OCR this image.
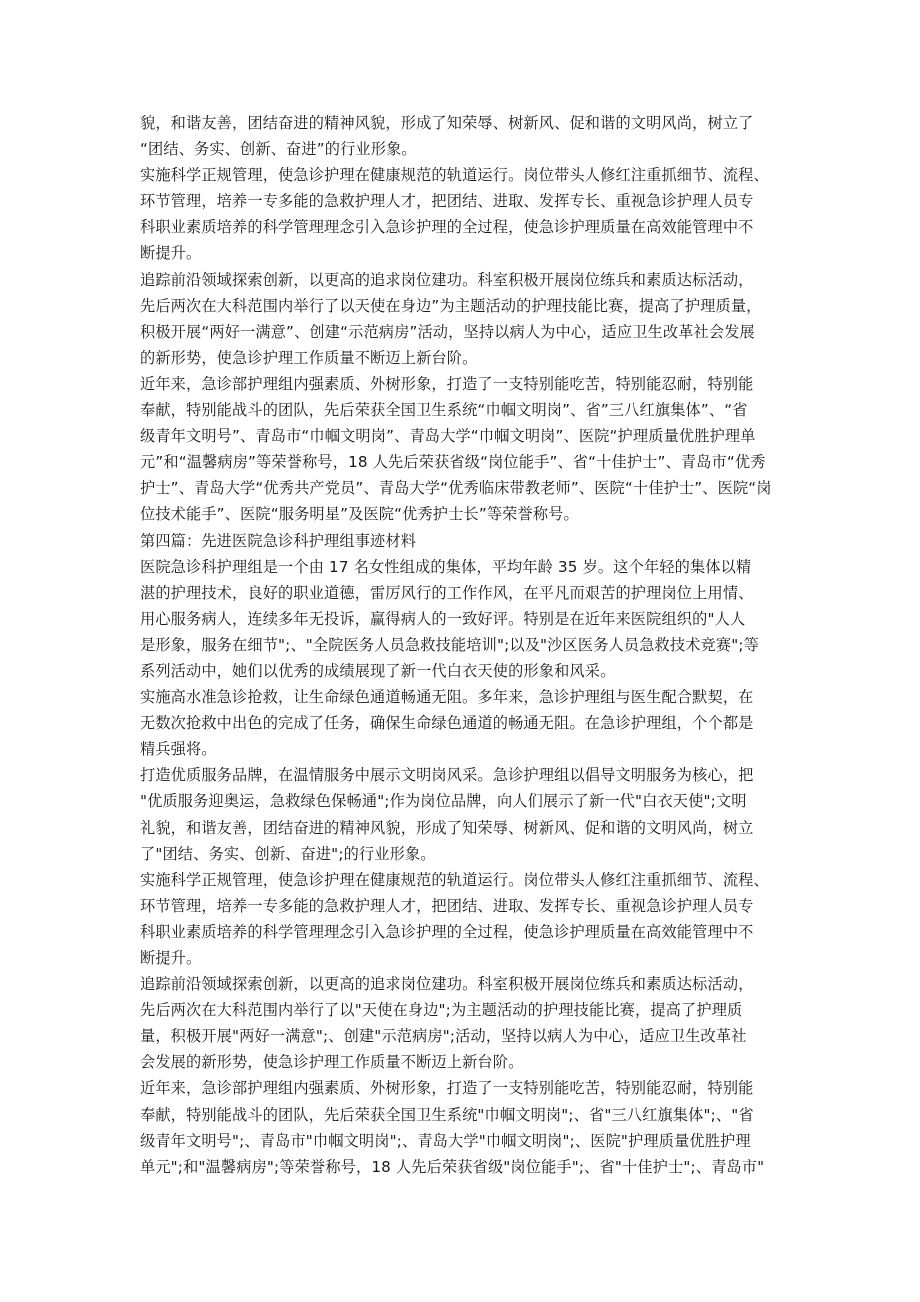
貌，和谐友善，团结奋进的精神风貌，形成了知荣辱、树新风、促和谐的文明风尚，树立了
“团结、务实、创新、奋进”的行业形象。
实施科学正规管理，使急诊护理在健康规范的轨道运行。岗位带头人修红注重抓细节、流程、
环节管理，培养一专多能的急救护理人才，把团结、进取、发挥专长、重视急诊护理人员专
科职业素质培养的科学管理理念引入急诊护理的全过程，使急诊护理质量在高效能管理中不
断提升。
追踪前沿领域探索创新，以更高的追求岗位建功。科室积极开展岗位练兵和素质达标活动，
先后两次在大科范围内举行了以天使在身边”为主题活动的护理技能比赛，提高了护理质量，
积极开展“两好一满意”、创建“示范病房”活动，坚持以病人为中心，适应卫生改革社会发展
的新形势，使急诊护理工作质量不断迈上新台阶。
近年来，急诊部护理组内强素质、外树形象，打造了一支特别能吃苦，特别能忍耐，特别能
奉献，特别能战斗的团队，先后荣获全国卫生系统“巾帼文明岗”、省”三八红旗集体”、“省
级青年文明号”、青岛市“巾帼文明岗”、青岛大学“巾帼文明岗”、医院“护理质量优胜护理单
元”和“温馨病房”等荣誉称号，18 人先后荣获省级“岗位能手”、省“十佳护士”、青岛市“优秀
护士”、青岛大学“优秀共产党员”、青岛大学“优秀临床带教老师”、医院“十佳护士”、医院“岗
位技术能手”、医院“服务明星”及医院“优秀护士长”等荣誉称号。
第四篇：先进医院急诊科护理组事迹材料
医院急诊科护理组是一个由 17 名女性组成的集体，平均年龄 35 岁。这个年轻的集体以精
湛的护理技术，良好的职业道德，雷厉风行的工作作风，在平凡而艰苦的护理岗位上用情、
用心服务病人，连续多年无投诉，赢得病人的一致好评。特别是在近年来医院组织的"人人
是形象，服务在细节";、"全院医务人员急救技能培训";以及"沙区医务人员急救技术竞赛";等
系列活动中，她们以优秀的成绩展现了新一代白衣天使的形象和风采。
实施高水准急诊抢救，让生命绿色通道畅通无阻。多年来，急诊护理组与医生配合默契，在
无数次抢救中出色的完成了任务，确保生命绿色通道的畅通无阻。在急诊护理组，个个都是
精兵强将。
打造优质服务品牌，在温情服务中展示文明岗风采。急诊护理组以倡导文明服务为核心，把
"优质服务迎奥运，急救绿色保畅通";作为岗位品牌，向人们展示了新一代"白衣天使";文明
礼貌，和谐友善，团结奋进的精神风貌，形成了知荣辱、树新风、促和谐的文明风尚，树立
了"团结、务实、创新、奋进";的行业形象。
实施科学正规管理，使急诊护理在健康规范的轨道运行。岗位带头人修红注重抓细节、流程、
环节管理，培养一专多能的急救护理人才，把团结、进取、发挥专长、重视急诊护理人员专
科职业素质培养的科学管理理念引入急诊护理的全过程，使急诊护理质量在高效能管理中不
断提升。
追踪前沿领域探索创新，以更高的追求岗位建功。科室积极开展岗位练兵和素质达标活动，
先后两次在大科范围内举行了以"天使在身边";为主题活动的护理技能比赛，提高了护理质
量，积极开展"两好一满意";、创建"示范病房";活动，坚持以病人为中心，适应卫生改革社
会发展的新形势，使急诊护理工作质量不断迈上新台阶。
近年来，急诊部护理组内强素质、外树形象，打造了一支特别能吃苦，特别能忍耐，特别能
奉献，特别能战斗的团队，先后荣获全国卫生系统"巾帼文明岗";、省"三八红旗集体";、"省
级青年文明号";、青岛市"巾帼文明岗";、青岛大学"巾帼文明岗";、医院"护理质量优胜护理
单元";和"温馨病房";等荣誉称号，18 人先后荣获省级"岗位能手";、省"十佳护士";、青岛市"
